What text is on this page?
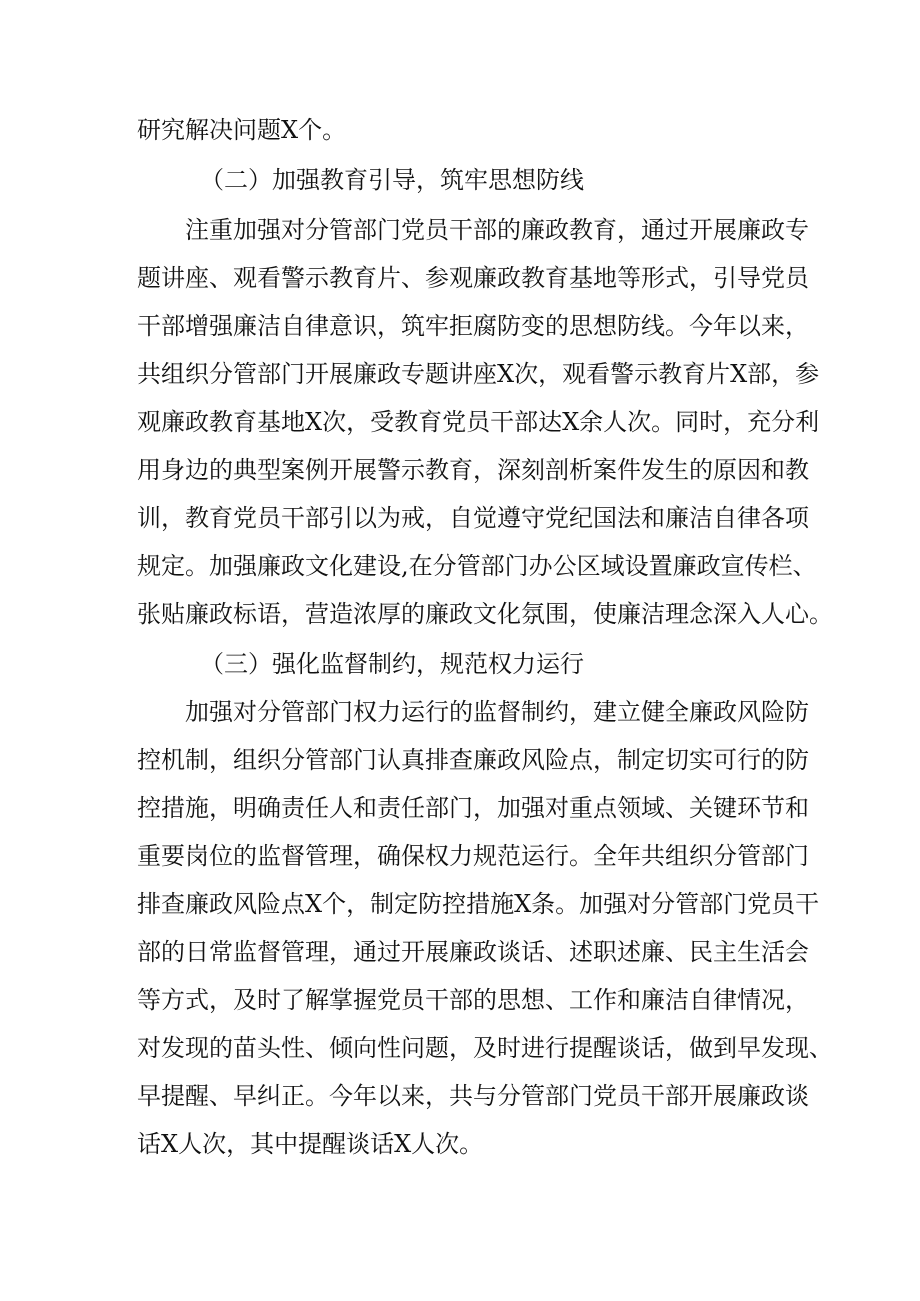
研究解决问题X个。

（二）加强教育引导，筑牢思想防线

注重加强对分管部门党员干部的廉政教育，通过开展廉政专

题讲座、观看警示教育片、参观廉政教育基地等形式，引导党员

干部增强廉洁自律意识，筑牢拒腐防变的思想防线。今年以来，

共组织分管部门开展廉政专题讲座X次，观看警示教育片X部，参

观廉政教育基地X次，受教育党员干部达X余人次。同时，充分利

用身边的典型案例开展警示教育，深刻剖析案件发生的原因和教

训，教育党员干部引以为戒，自觉遵守党纪国法和廉洁自律各项

规定。加强廉政文化建设,在分管部门办公区域设置廉政宣传栏、

张贴廉政标语，营造浓厚的廉政文化氛围，使廉洁理念深入人心。

（三）强化监督制约，规范权力运行

加强对分管部门权力运行的监督制约，建立健全廉政风险防

控机制，组织分管部门认真排查廉政风险点，制定切实可行的防

控措施，明确责任人和责任部门，加强对重点领域、关键环节和

重要岗位的监督管理，确保权力规范运行。全年共组织分管部门

排查廉政风险点X个，制定防控措施X条。加强对分管部门党员干

部的日常监督管理，通过开展廉政谈话、述职述廉、民主生活会

等方式，及时了解掌握党员干部的思想、工作和廉洁自律情况，

对发现的苗头性、倾向性问题，及时进行提醒谈话，做到早发现、

早提醒、早纠正。今年以来，共与分管部门党员干部开展廉政谈

话X人次，其中提醒谈话X人次。
